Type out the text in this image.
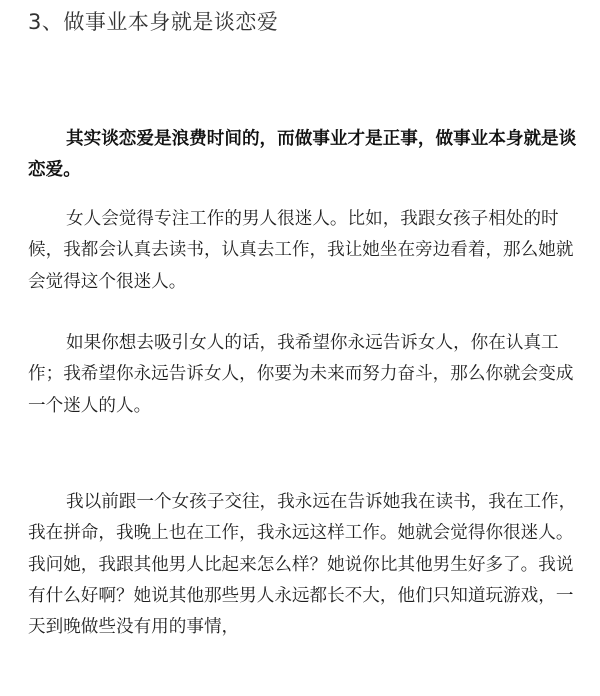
3、做事业本身就是谈恋爱

其实谈恋爱是浪费时间的，而做事业才是正事，做事业本身就是谈恋爱。

女人会觉得专注工作的男人很迷人。比如，我跟女孩子相处的时候，我都会认真去读书，认真去工作，我让她坐在旁边看着，那么她就会觉得这个很迷人。

如果你想去吸引女人的话，我希望你永远告诉女人，你在认真工作；我希望你永远告诉女人，你要为未来而努力奋斗，那么你就会变成一个迷人的人。

我以前跟一个女孩子交往，我永远在告诉她我在读书，我在工作，我在拼命，我晚上也在工作，我永远这样工作。她就会觉得你很迷人。我问她，我跟其他男人比起来怎么样？她说你比其他男生好多了。我说有什么好啊？她说其他那些男人永远都长不大，他们只知道玩游戏，一天到晚做些没有用的事情，
